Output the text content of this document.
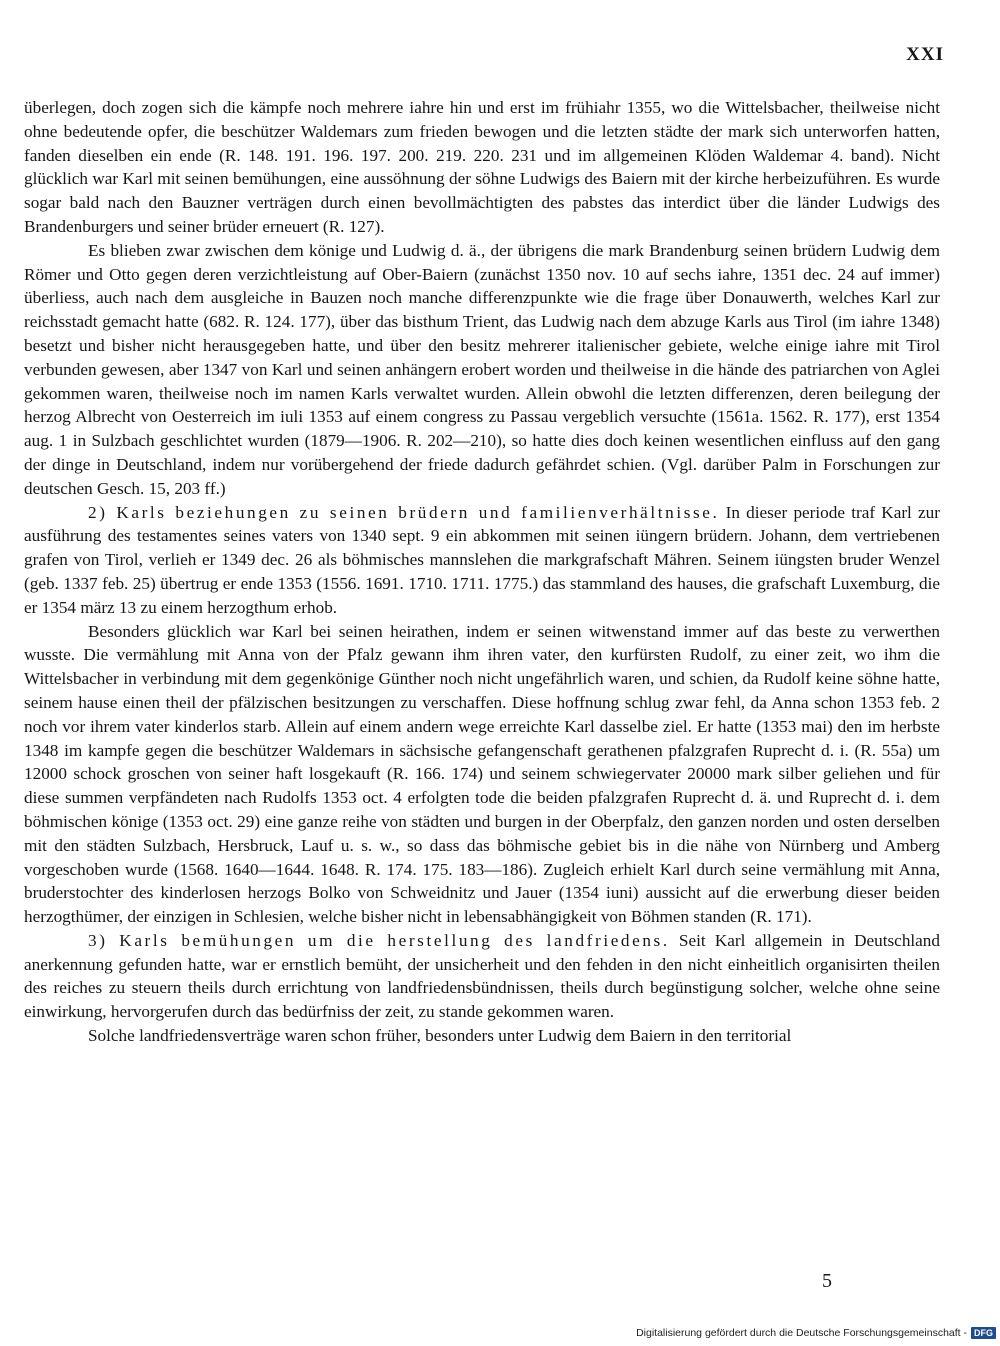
XXI

überlegen, doch zogen sich die kämpfe noch mehrere iahre hin und erst im frühiahr 1355, wo die Wittelsbacher, theilweise nicht ohne bedeutende opfer, die beschützer Waldemars zum frieden bewogen und die letzten städte der mark sich unterworfen hatten, fanden dieselben ein ende (R. 148. 191. 196. 197. 200. 219. 220. 231 und im allgemeinen Klöden Waldemar 4. band). Nicht glücklich war Karl mit seinen bemühungen, eine aussöhnung der söhne Ludwigs des Baiern mit der kirche herbeizuführen. Es wurde sogar bald nach den Bauzner verträgen durch einen bevollmächtigten des pabstes das interdict über die länder Ludwigs des Brandenburgers und seiner brüder erneuert (R. 127).

Es blieben zwar zwischen dem könige und Ludwig d. ä., der übrigens die mark Brandenburg seinen brüdern Ludwig dem Römer und Otto gegen deren verzichtleistung auf Ober-Baiern (zunächst 1350 nov. 10 auf sechs iahre, 1351 dec. 24 auf immer) überliess, auch nach dem ausgleiche in Bauzen noch manche differenzpunkte wie die frage über Donauwerth, welches Karl zur reichsstadt gemacht hatte (682. R. 124. 177), über das bisthum Trient, das Ludwig nach dem abzuge Karls aus Tirol (im iahre 1348) besetzt und bisher nicht herausgegeben hatte, und über den besitz mehrerer italienischer gebiete, welche einige iahre mit Tirol verbunden gewesen, aber 1347 von Karl und seinen anhängern erobert worden und theilweise in die hände des patriarchen von Aglei gekommen waren, theilweise noch im namen Karls verwaltet wurden. Allein obwohl die letzten differenzen, deren beilegung der herzog Albrecht von Oesterreich im iuli 1353 auf einem congress zu Passau vergeblich versuchte (1561a. 1562. R. 177), erst 1354 aug. 1 in Sulzbach geschlichtet wurden (1879—1906. R. 202—210), so hatte dies doch keinen wesentlichen einfluss auf den gang der dinge in Deutschland, indem nur vorübergehend der friede dadurch gefährdet schien. (Vgl. darüber Palm in Forschungen zur deutschen Gesch. 15, 203 ff.)

2) Karls beziehungen zu seinen brüdern und familienverhältnisse. In dieser periode traf Karl zur ausführung des testamentes seines vaters von 1340 sept. 9 ein abkommen mit seinen iüngern brüdern. Johann, dem vertriebenen grafen von Tirol, verlieh er 1349 dec. 26 als böhmisches mannslehen die markgrafschaft Mähren. Seinem iüngsten bruder Wenzel (geb. 1337 feb. 25) übertrug er ende 1353 (1556. 1691. 1710. 1711. 1775.) das stammland des hauses, die grafschaft Luxemburg, die er 1354 märz 13 zu einem herzogthum erhob.

Besonders glücklich war Karl bei seinen heirathen, indem er seinen witwenstand immer auf das beste zu verwerthen wusste. Die vermählung mit Anna von der Pfalz gewann ihm ihren vater, den kurfürsten Rudolf, zu einer zeit, wo ihm die Wittelsbacher in verbindung mit dem gegenkönige Günther noch nicht ungefährlich waren, und schien, da Rudolf keine söhne hatte, seinem hause einen theil der pfälzischen besitzungen zu verschaffen. Diese hoffnung schlug zwar fehl, da Anna schon 1353 feb. 2 noch vor ihrem vater kinderlos starb. Allein auf einem andern wege erreichte Karl dasselbe ziel. Er hatte (1353 mai) den im herbste 1348 im kampfe gegen die beschützer Waldemars in sächsische gefangenschaft gerathenen pfalzgrafen Ruprecht d. i. (R. 55a) um 12000 schock groschen von seiner haft losgekauft (R. 166. 174) und seinem schwiegervater 20000 mark silber geliehen und für diese summen verpfändeten nach Rudolfs 1353 oct. 4 erfolgten tode die beiden pfalzgrafen Ruprecht d. ä. und Ruprecht d. i. dem böhmischen könige (1353 oct. 29) eine ganze reihe von städten und burgen in der Oberpfalz, den ganzen norden und osten derselben mit den städten Sulzbach, Hersbruck, Lauf u. s. w., so dass das böhmische gebiet bis in die nähe von Nürnberg und Amberg vorgeschoben wurde (1568. 1640—1644. 1648. R. 174. 175. 183—186). Zugleich erhielt Karl durch seine vermählung mit Anna, bruderstochter des kinderlosen herzogs Bolko von Schweidnitz und Jauer (1354 iuni) aussicht auf die erwerbung dieser beiden herzogthümer, der einzigen in Schlesien, welche bisher nicht in lebensabhängigkeit von Böhmen standen (R. 171).

3) Karls bemühungen um die herstellung des landfriedens. Seit Karl allgemein in Deutschland anerkennung gefunden hatte, war er ernstlich bemüht, der unsicherheit und den fehden in den nicht einheitlich organisirten theilen des reiches zu steuern theils durch errichtung von landfriedensbündnissen, theils durch begünstigung solcher, welche ohne seine einwirkung, hervorgerufen durch das bedürfniss der zeit, zu stande gekommen waren.

Solche landfriedensverträge waren schon früher, besonders unter Ludwig dem Baiern in den territorial

5
Digitalisierung gefördert durch die Deutsche Forschungsgemeinschaft - DFG
